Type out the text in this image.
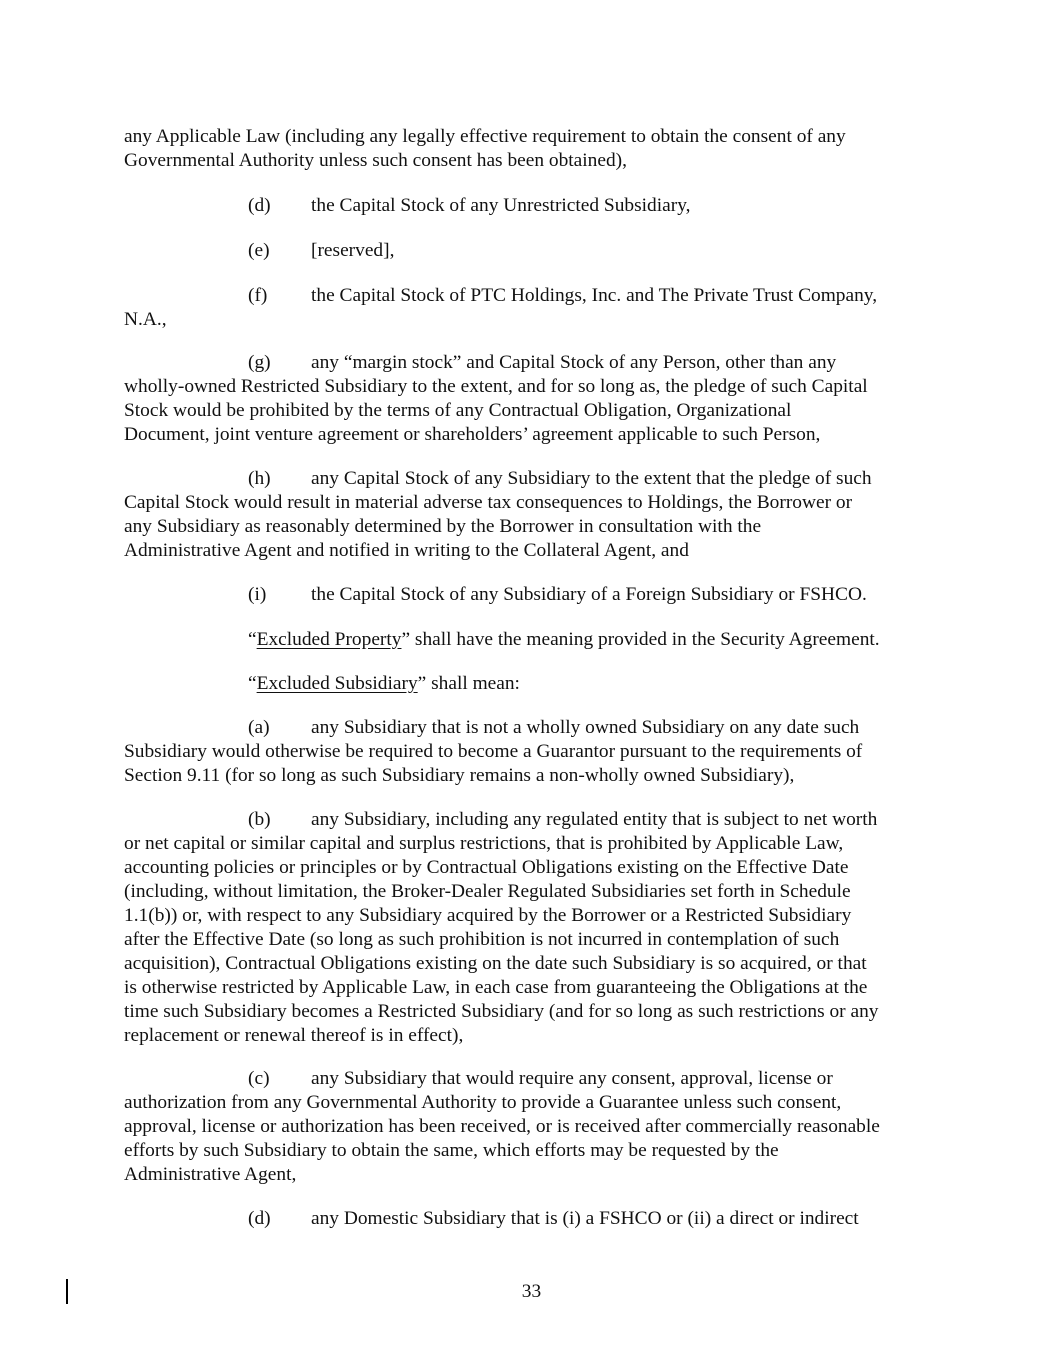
any Applicable Law (including any legally effective requirement to obtain the consent of any
Governmental Authority unless such consent has been obtained),
(d) the Capital Stock of any Unrestricted Subsidiary,
(e) [reserved],
(f) the Capital Stock of PTC Holdings, Inc. and The Private Trust Company,
N.A.,
(g) any “margin stock” and Capital Stock of any Person, other than any
wholly-owned Restricted Subsidiary to the extent, and for so long as, the pledge of such Capital
Stock would be prohibited by the terms of any Contractual Obligation, Organizational
Document, joint venture agreement or shareholders’ agreement applicable to such Person,
(h) any Capital Stock of any Subsidiary to the extent that the pledge of such
Capital Stock would result in material adverse tax consequences to Holdings, the Borrower or
any Subsidiary as reasonably determined by the Borrower in consultation with the
Administrative Agent and notified in writing to the Collateral Agent, and
(i) the Capital Stock of any Subsidiary of a Foreign Subsidiary or FSHCO.
“Excluded Property” shall have the meaning provided in the Security Agreement.
“Excluded Subsidiary” shall mean:
(a) any Subsidiary that is not a wholly owned Subsidiary on any date such
Subsidiary would otherwise be required to become a Guarantor pursuant to the requirements of
Section 9.11 (for so long as such Subsidiary remains a non-wholly owned Subsidiary),
(b) any Subsidiary, including any regulated entity that is subject to net worth
or net capital or similar capital and surplus restrictions, that is prohibited by Applicable Law,
accounting policies or principles or by Contractual Obligations existing on the Effective Date
(including, without limitation, the Broker-Dealer Regulated Subsidiaries set forth in Schedule
1.1(b)) or, with respect to any Subsidiary acquired by the Borrower or a Restricted Subsidiary
after the Effective Date (so long as such prohibition is not incurred in contemplation of such
acquisition), Contractual Obligations existing on the date such Subsidiary is so acquired, or that
is otherwise restricted by Applicable Law, in each case from guaranteeing the Obligations at the
time such Subsidiary becomes a Restricted Subsidiary (and for so long as such restrictions or any
replacement or renewal thereof is in effect),
(c) any Subsidiary that would require any consent, approval, license or
authorization from any Governmental Authority to provide a Guarantee unless such consent,
approval, license or authorization has been received, or is received after commercially reasonable
efforts by such Subsidiary to obtain the same, which efforts may be requested by the
Administrative Agent,
(d) any Domestic Subsidiary that is (i) a FSHCO or (ii) a direct or indirect
33
